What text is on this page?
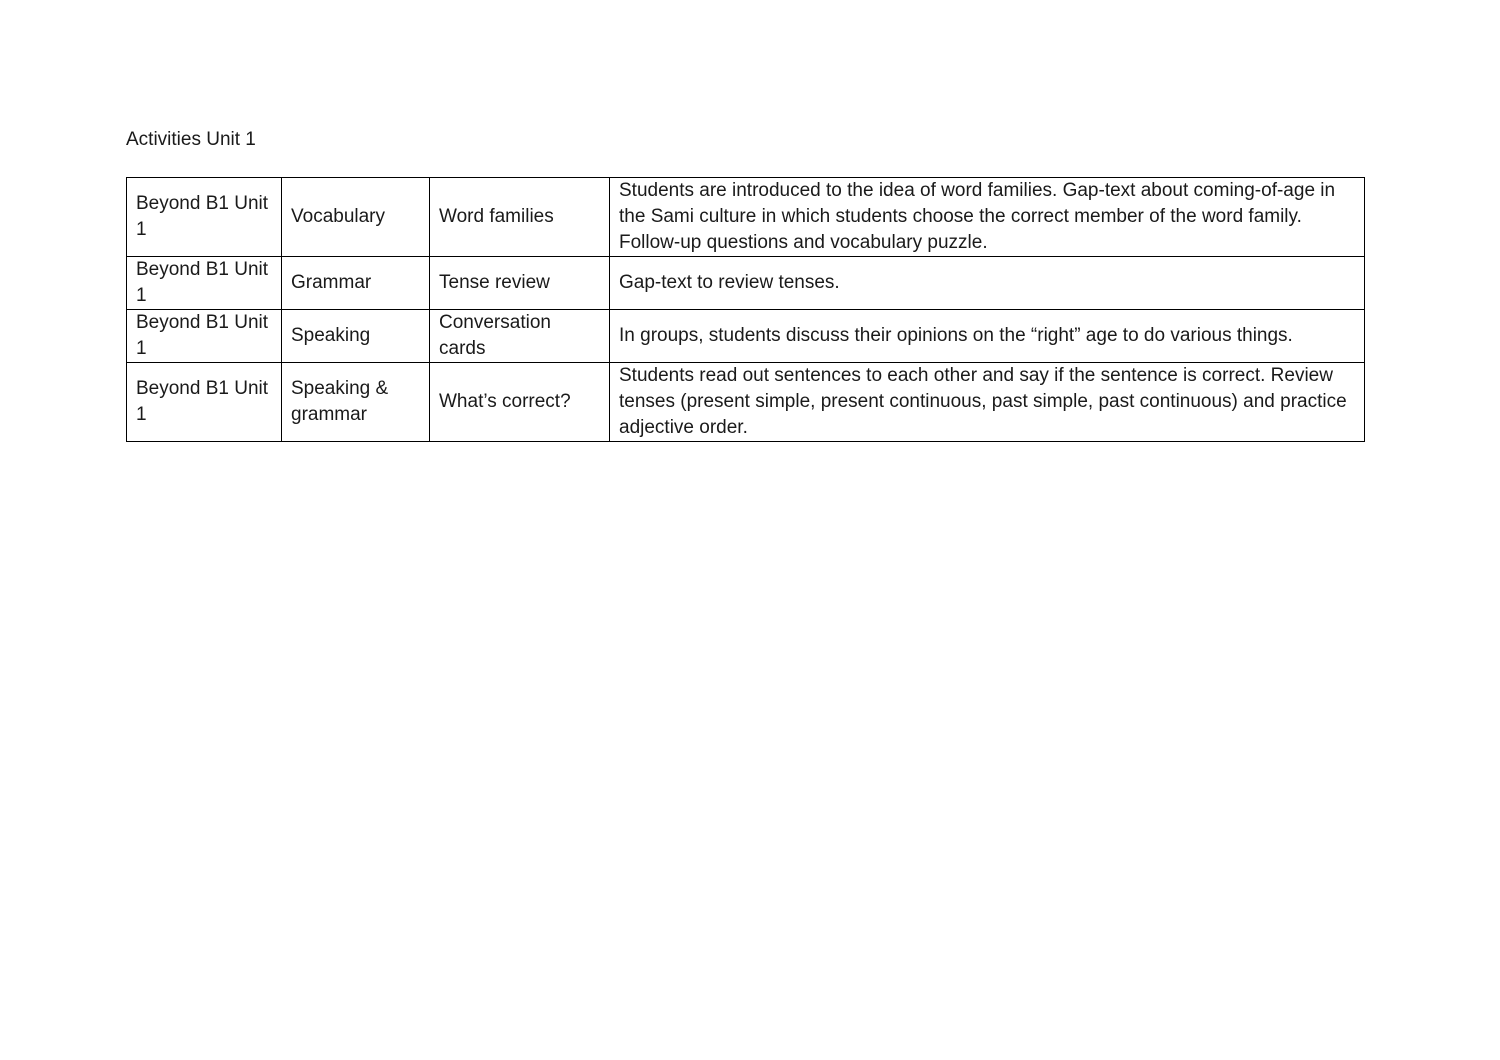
Activities Unit 1
Beyond B1 Unit 1	Vocabulary	Word families	Students are introduced to the idea of word families. Gap-text about coming-of-age in the Sami culture in which students choose the correct member of the word family. Follow-up questions and vocabulary puzzle.
Beyond B1 Unit 1	Grammar	Tense review	Gap-text to review tenses.
Beyond B1 Unit 1	Speaking	Conversation cards	In groups, students discuss their opinions on the “right” age to do various things.
Beyond B1 Unit 1	Speaking & grammar	What’s correct?	Students read out sentences to each other and say if the sentence is correct. Review tenses (present simple, present continuous, past simple, past continuous) and practice adjective order.
